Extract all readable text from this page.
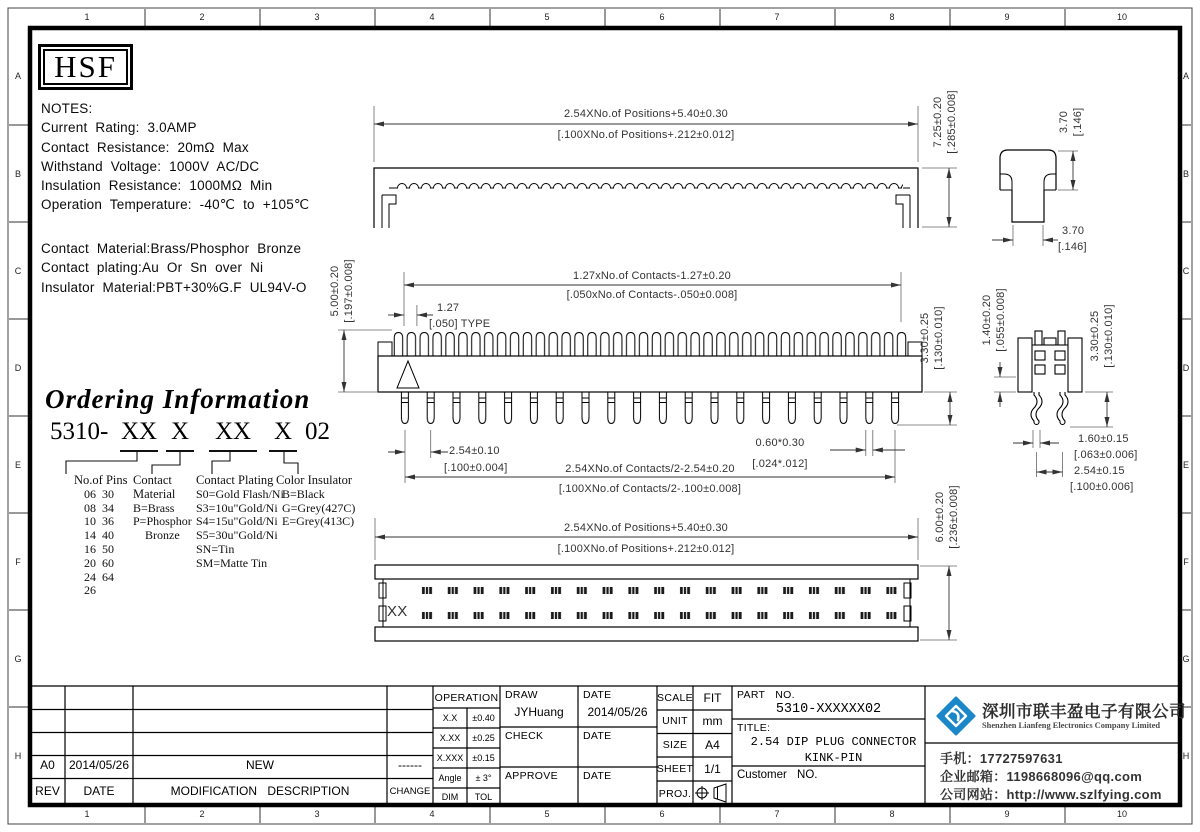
2.54XNo.of Positions+5.40±0.30
[.100XNo.of Positions+.212±0.012]	7.25±0.20 [.285±0.008]	3.70 [.146]
3.70
[.146]
1.27xNo.of Contacts-1.27±0.20
[.050xNo.of Contacts-.050±0.008]
1.27
[.050] TYPE
5.00±0.20 [.197±0.008]
3.30±0.25 [.130±0.010]
2.54±0.10
[.100±0.004]	2.54XNo.of Contacts/2-2.54±0.20
[.100XNo.of Contacts/2-.100±0.008]
0.60*0.30
[.024*.012]
1.40±0.20 [.055±0.008]	3.30±0.25 [.130±0.010]
1.60±0.15
[.063±0.006]
2.54±0.15
[.100±0.006]
2.54XNo.of Positions+5.40±0.30
[.100XNo.of Positions+.212±0.012]
6.00±0.20 [.236±0.008]
XX
1	2	3	4	5	6	7	8	9	10
1	2	3	4	5	6	7	8	9	10
A
B
C
D
E
F
G
H
A
B
C
D
E
F
G
H
HSF
NOTES:
Current Rating: 3.0AMP
Contact Resistance: 20mΩ Max
Withstand Voltage: 1000V AC/DC
Insulation Resistance: 1000MΩ Min
Operation Temperature: -40℃ to +105℃
Contact Material:Brass/Phosphor Bronze
Contact plating:Au Or Sn over Ni
Insulator Material:PBT+30%G.F UL94V-O
Ordering Information
5310- XX X XX X 02
No.of Pins
06  30
08  34
10  36
14  40
16  50
20  60
24  64
26
Contact
Material
B=Brass
P=Phosphor
Bronze
Contact Plating
S0=Gold Flash/Ni
S3=10u"Gold/Ni
S4=15u"Gold/Ni
S5=30u"Gold/Ni
SN=Tin
SM=Matte Tin
Color Insulator
B=Black
G=Grey(427C)
E=Grey(413C)
A0	2014/05/26	NEW	------
REV	DATE	MODIFICATION DESCRIPTION	CHANGE
OPERATION
X.X	±0.40
X.XX	±0.25
X.XXX	±0.15
Angle	± 3°
DIM	TOL
DRAW
JYHuang
DATE
2014/05/26
CHECK	DATE
APPROVE DATE
SCALE FIT
UNIT	mm
SIZE	A4
SHEET 1/1
PROJ.
PART NO.
5310-XXXXXX02
TITLE:
2.54 DIP PLUG CONNECTOR
KINK-PIN
Customer NO.
深圳市联丰盈电子有限公司
Shenzhen Lianfeng Electronics Company Limited
手机：17727597631
企业邮箱：1198668096@qq.com
公司网站：http://www.szlfying.com
